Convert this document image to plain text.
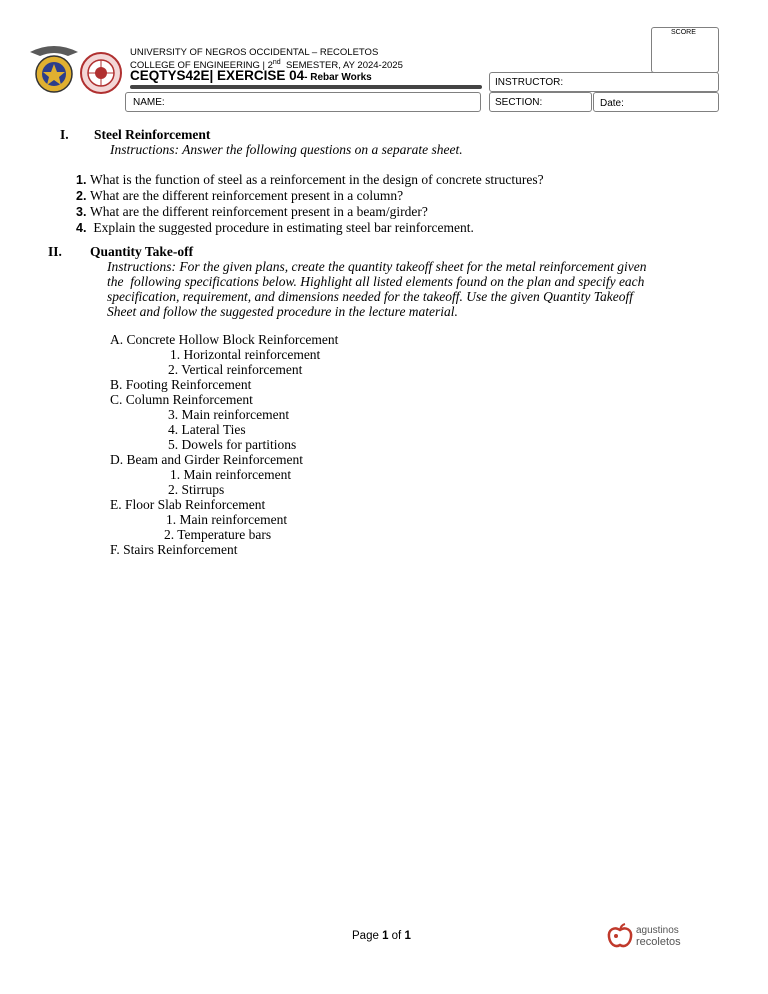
UNIVERSITY OF NEGROS OCCIDENTAL – RECOLETOS
COLLEGE OF ENGINEERING | 2nd  SEMESTER, AY 2024-2025
CEQTYS42E| EXERCISE 04- Rebar Works
SCORE
INSTRUCTOR:
NAME:	SECTION:	Date:
I. Steel Reinforcement
Instructions: Answer the following questions on a separate sheet.
1. What is the function of steel as a reinforcement in the design of concrete structures?
2. What are the different reinforcement present in a column?
3. What are the different reinforcement present in a beam/girder?
4. Explain the suggested procedure in estimating steel bar reinforcement.
II. Quantity Take-off
Instructions: For the given plans, create the quantity takeoff sheet for the metal reinforcement given
the  following specifications below. Highlight all listed elements found on the plan and specify each
specification, requirement, and dimensions needed for the takeoff. Use the given Quantity Takeoff
Sheet and follow the suggested procedure in the lecture material.
A. Concrete Hollow Block Reinforcement
1. Horizontal reinforcement
2. Vertical reinforcement
B. Footing Reinforcement
C. Column Reinforcement
3. Main reinforcement
4. Lateral Ties
5. Dowels for partitions
D. Beam and Girder Reinforcement
1. Main reinforcement
2. Stirrups
E. Floor Slab Reinforcement
1. Main reinforcement
2. Temperature bars
F. Stairs Reinforcement
Page 1 of 1	agustinos
recoletos
